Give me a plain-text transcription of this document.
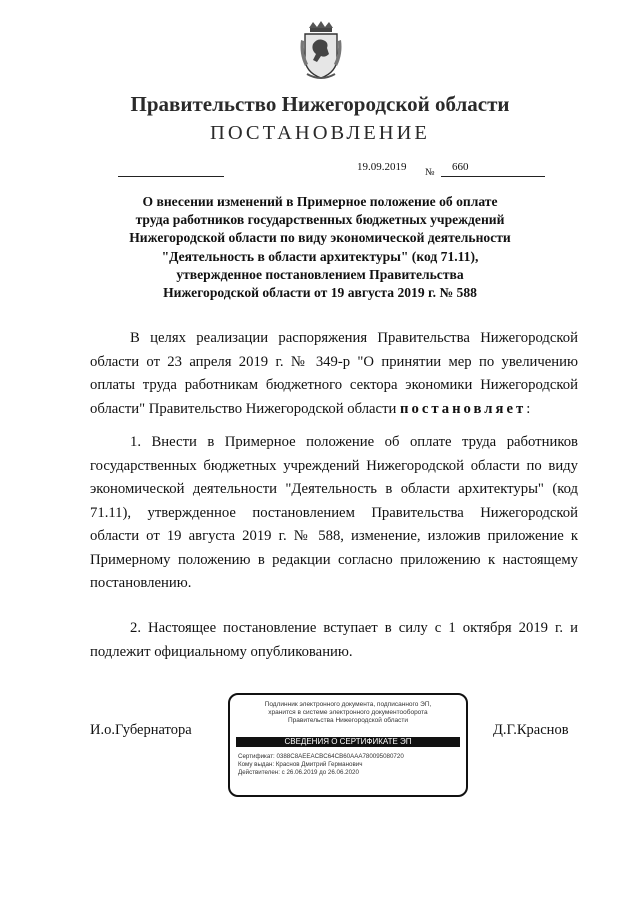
Правительство Нижегородской области
ПОСТАНОВЛЕНИЕ
19.09.2019 № 660
О внесении изменений в Примерное положение об оплате
труда работников государственных бюджетных учреждений
Нижегородской области по виду экономической деятельности
"Деятельность в области архитектуры" (код 71.11),
утвержденное постановлением Правительства
Нижегородской области от 19 августа 2019 г. № 588

В целях реализации распоряжения Правительства Нижегородской области от 23 апреля 2019 г. № 349-р "О принятии мер по увеличению оплаты труда работникам бюджетного сектора экономики Нижегородской области" Правительство Нижегородской области постановляет:

1. Внести в Примерное положение об оплате труда работников государственных бюджетных учреждений Нижегородской области по виду экономической деятельности "Деятельность в области архитектуры" (код 71.11), утвержденное постановлением Правительства Нижегородской области от 19 августа 2019 г. № 588, изменение, изложив приложение к Примерному положению в редакции согласно приложению к настоящему постановлению.

2. Настоящее постановление вступает в силу с 1 октября 2019 г. и подлежит официальному опубликованию.

И.о.Губернатора	Д.Г.Краснов
Подлинник электронного документа, подписанного ЭП,
хранится в системе электронного документооборота
Правительства Нижегородской области
СВЕДЕНИЯ О СЕРТИФИКАТЕ ЭП
Сертификат: 0388C8AEEACBC64CB60AAA780095080720
Кому выдан: Краснов Дмитрий Германович
Действителен: с 26.06.2019 до 26.06.2020
